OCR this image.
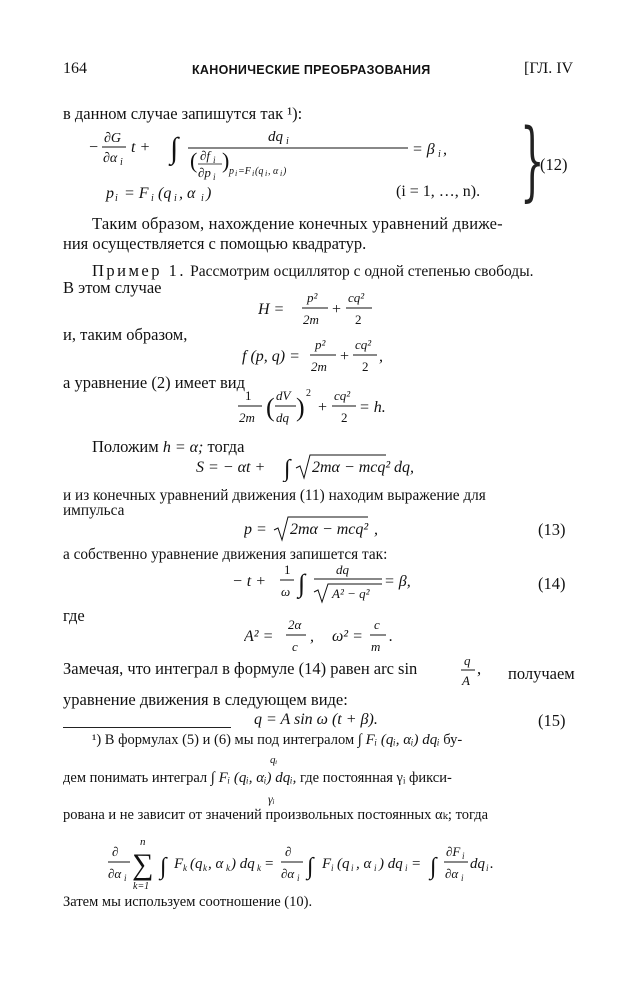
164	КАНОНИЧЕСКИЕ ПРЕОБРАЗОВАНИЯ	[ГЛ. IV
в данном случае запишутся так ¹):
−
∂G
∂α i
t + ∫	dq i
( ∂f i
∂p i
) p i =F i (q i , α i )
= β i ,
p i = F i (q i , α i )	(i = 1, …, n). }
(12)
Таким образом, нахождение конечных уравнений движе-
ния осуществляется с помощью квадратур.
Пример 1. Рассмотрим осциллятор с одной степенью свободы.
В этом случае
H =
p²
2m
+
cq²
2
и, таким образом,
f (p, q) =
p²
2m
+
cq²
2
,
а уравнение (2) имеет вид
1
2m ( dV
dq ) 2
+
cq²
2
= h.
Положим h = α; тогда
S = − αt + ∫ 2mα − mcq² dq,
и из конечных уравнений движения (11) находим выражение для
импульса
p = 2mα − mcq² ,	(13)
а собственно уравнение движения запишется так:
− t +
1
ω ∫ dq
A² − q²
= β,	(14)
где
A² =
2α
c
, ω² =
c
m
.
Замечая, что интеграл в формуле (14) равен arc sin	q
A
, получаем
уравнение движения в следующем виде:
q = A sin ω (t + β).	(15)
¹) В формулах (5) и (6) мы под интегралом ∫ Fᵢ (qᵢ, αᵢ) dqᵢ бу-
qᵢ
дем понимать интеграл ∫ Fᵢ (qᵢ, αᵢ) dqᵢ, где постоянная γᵢ фикси-
γᵢ
рована и не зависит от значений произвольных постоянных αₖ; тогда
∂
∂α i
n
∑
k=1
∫ F k (q k , α k ) dq k =
∂
∂α i ∫ F i (q i , α i ) dq i = ∫
∂F i
∂α i
dq i .
Затем мы используем соотношение (10).
